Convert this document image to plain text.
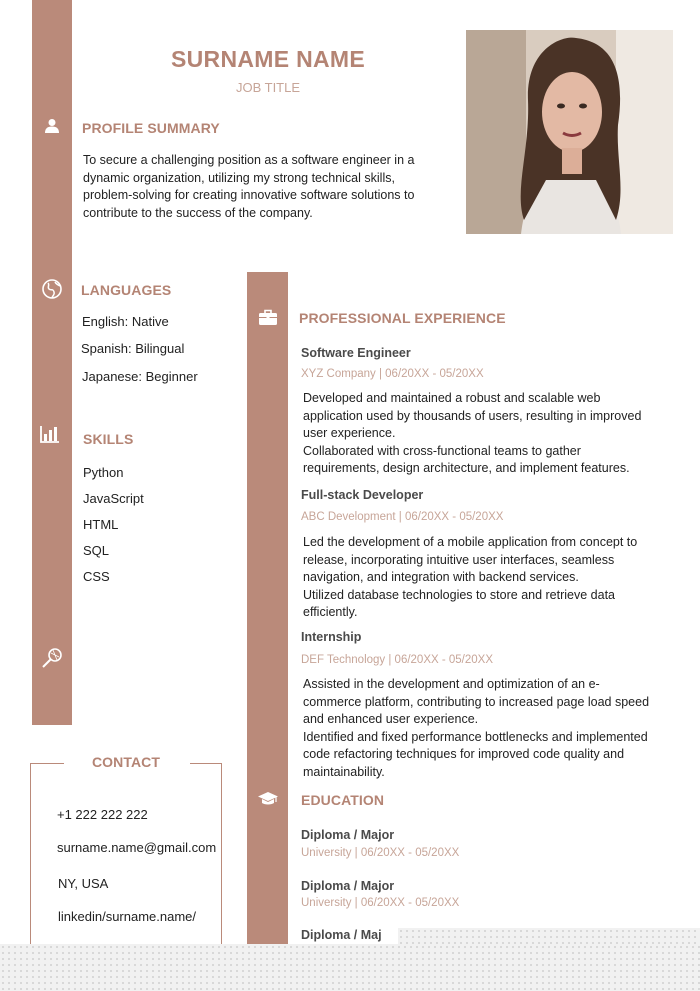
SURNAME NAME
JOB TITLE
PROFILE SUMMARY
To secure a challenging position as a software engineer in a
dynamic organization, utilizing my strong technical skills,
problem-solving for creating innovative software solutions to
contribute to the success of the company.
LANGUAGES
English: Native
Spanish: Bilingual
Japanese: Beginner
SKILLS
Python
JavaScript
HTML
SQL
CSS
CONTACT
+1 222 222 222
surname.name@gmail.com
NY, USA
linkedin/surname.name/
PROFESSIONAL EXPERIENCE
Software Engineer
XYZ Company | 06/20XX - 05/20XX
Developed and maintained a robust and scalable web
application used by thousands of users, resulting in improved
user experience.
Collaborated with cross-functional teams to gather
requirements, design architecture, and implement features.
Full-stack Developer
ABC Development | 06/20XX - 05/20XX
Led the development of a mobile application from concept to
release, incorporating intuitive user interfaces, seamless
navigation, and integration with backend services.
Utilized database technologies to store and retrieve data
efficiently.
Internship
DEF Technology | 06/20XX - 05/20XX
Assisted in the development and optimization of an e-
commerce platform, contributing to increased page load speed
and enhanced user experience.
Identified and fixed performance bottlenecks and implemented
code refactoring techniques for improved code quality and
maintainability.
EDUCATION
Diploma / Major
University | 06/20XX - 05/20XX
Diploma / Major
University | 06/20XX - 05/20XX
Diploma / Maj
